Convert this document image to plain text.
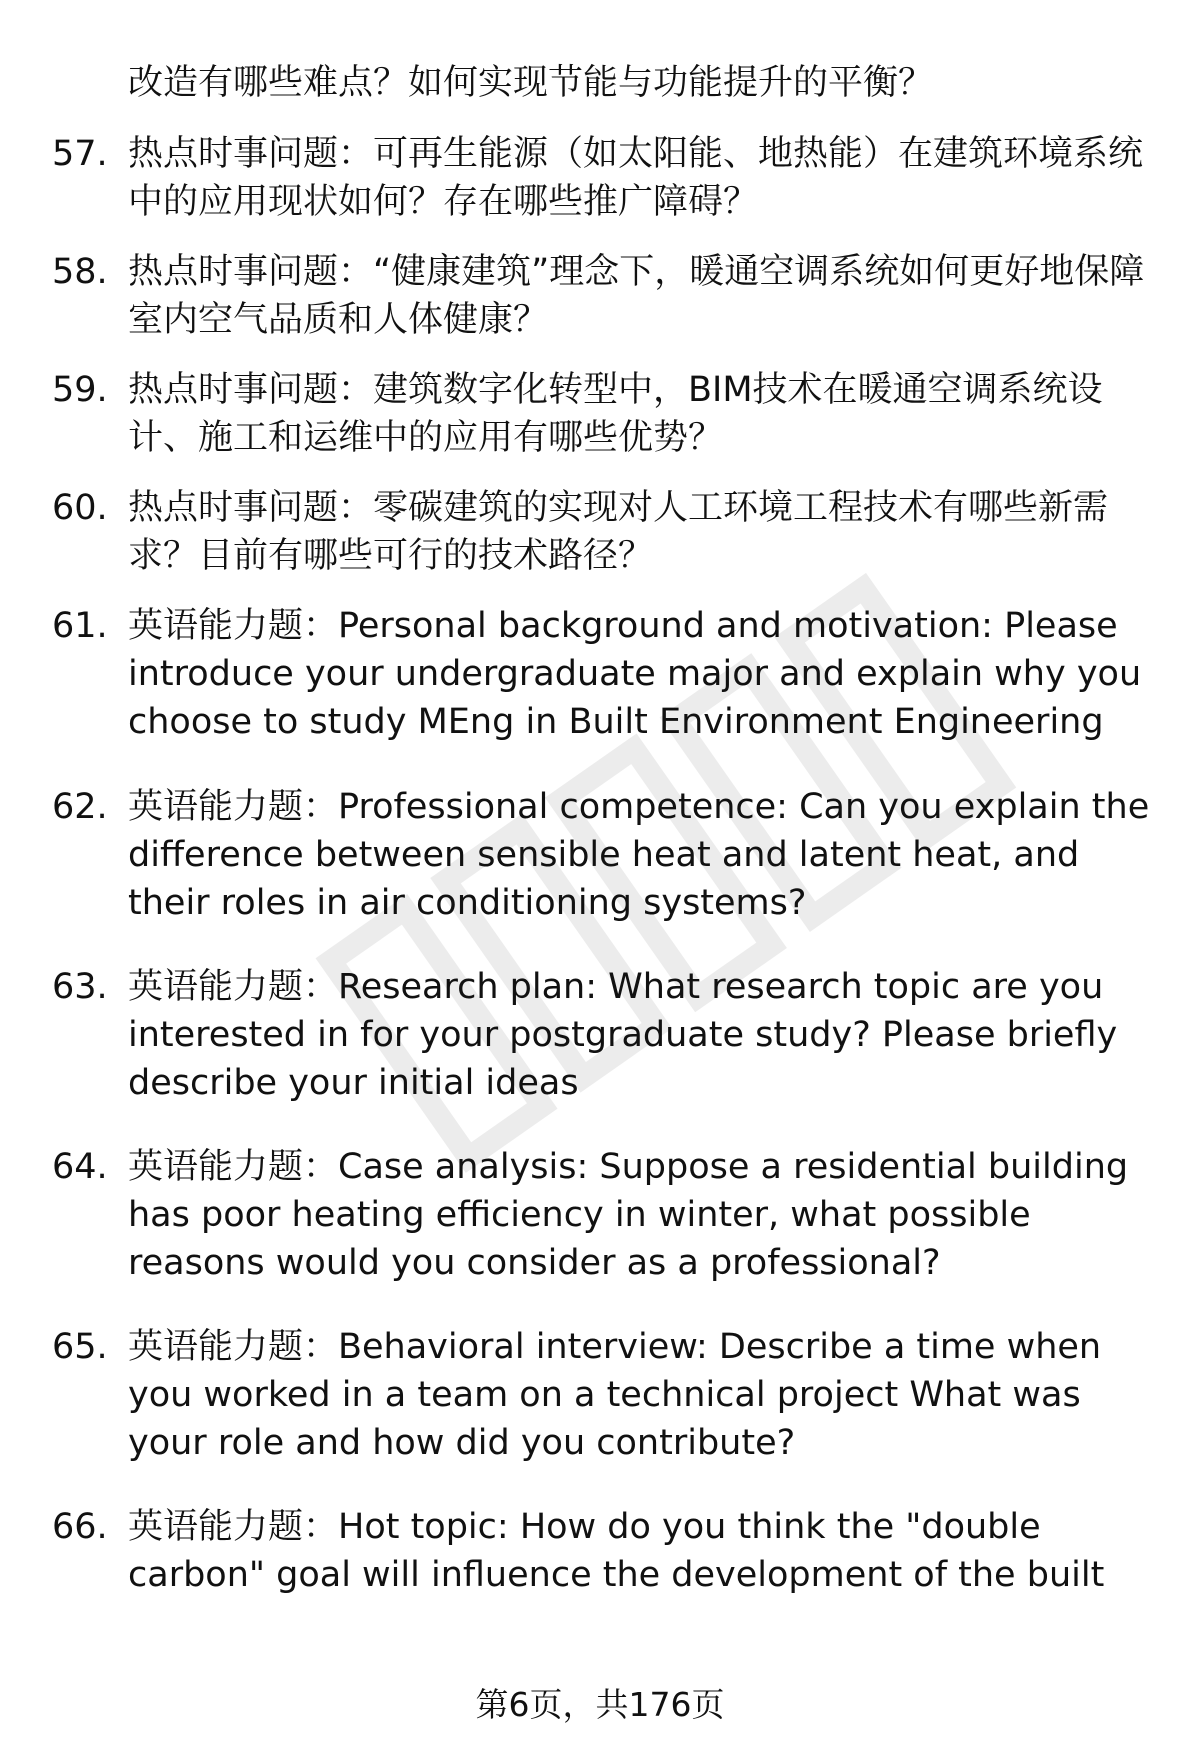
改造有哪些难点？如何实现节能与功能提升的平衡？
57. 热点时事问题：可再生能源（如太阳能、地热能）在建筑环境系统中的应用现状如何？存在哪些推广障碍？
58. 热点时事问题：“健康建筑”理念下，暖通空调系统如何更好地保障室内空气品质和人体健康？
59. 热点时事问题：建筑数字化转型中，BIM技术在暖通空调系统设计、施工和运维中的应用有哪些优势？
60. 热点时事问题：零碳建筑的实现对人工环境工程技术有哪些新需求？目前有哪些可行的技术路径？
61. 英语能力题：Personal background and motivation: Please introduce your undergraduate major and explain why you choose to study MEng in Built Environment Engineering
62. 英语能力题：Professional competence: Can you explain the difference between sensible heat and latent heat, and their roles in air conditioning systems?
63. 英语能力题：Research plan: What research topic are you interested in for your postgraduate study? Please briefly describe your initial ideas
64. 英语能力题：Case analysis: Suppose a residential building has poor heating efficiency in winter, what possible reasons would you consider as a professional?
65. 英语能力题：Behavioral interview: Describe a time when you worked in a team on a technical project What was your role and how did you contribute?
66. 英语能力题：Hot topic: How do you think the "double carbon" goal will influence the development of the built
第6页，共176页
